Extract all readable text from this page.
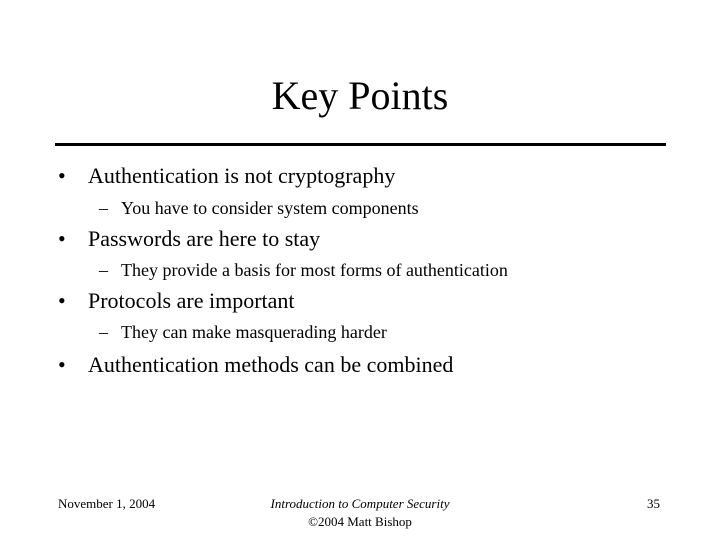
Key Points
• Authentication is not cryptography
– You have to consider system components
• Passwords are here to stay
– They provide a basis for most forms of authentication
• Protocols are important
– They can make masquerading harder
• Authentication methods can be combined
November 1, 2004	Introduction to Computer Security
©2004 Matt Bishop
35
